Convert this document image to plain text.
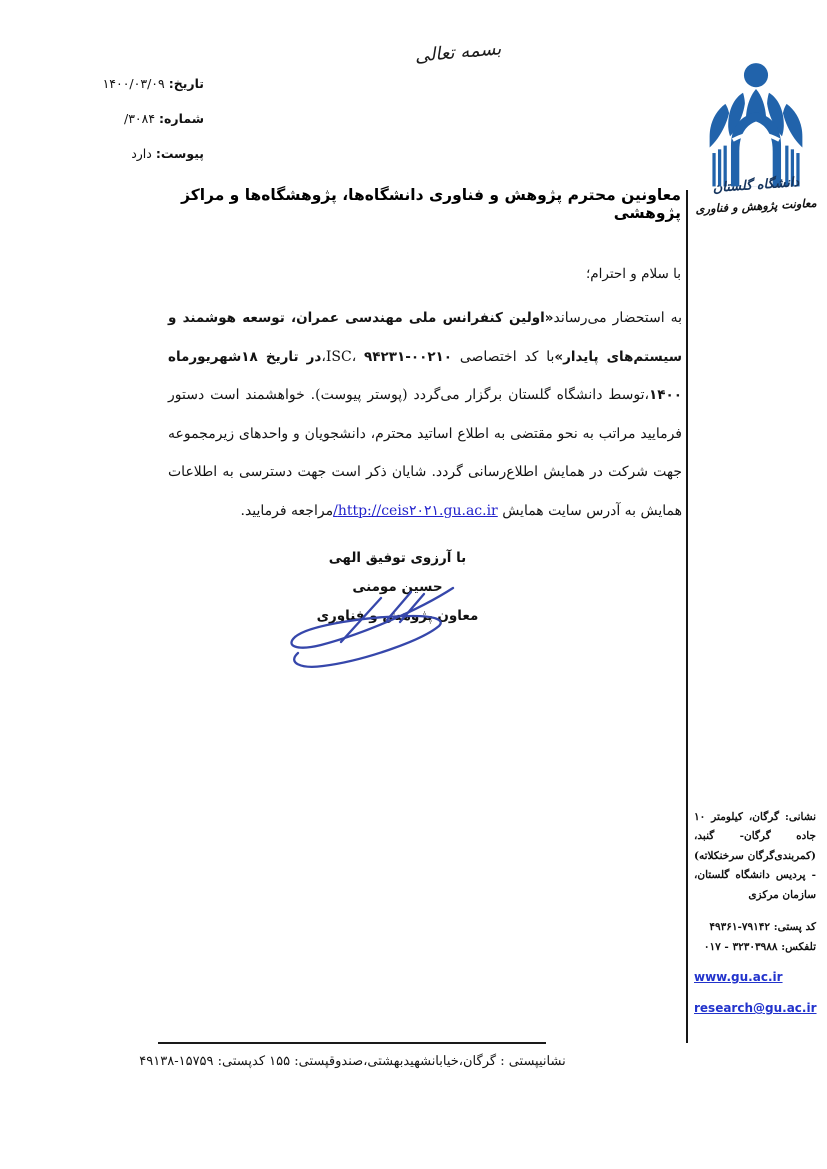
بسمه تعالی
تاریخ: ۱۴۰۰/۰۳/۰۹
شماره: ۳۰۸۴/
پیوست: دارد
دانشگاه گلستان
معاونت پژوهش و فناوری
معاونین محترم پژوهش و فناوری دانشگاه‌ها، پژوهشگاه‌ها و مراکز پژوهشی
با سلام و احترام؛

به استحضار می‌رساند«اولین کنفرانس ملی مهندسی عمران، توسعه هوشمند و سیستم‌های پایدار»با کد اختصاصی ISC، ۹۴۲۳۱-۰۰۲۱۰،در تاریخ ۱۸شهریورماه ۱۴۰۰،توسط دانشگاه گلستان برگزار می‌گردد (پوستر پیوست). خواهشمند است دستور فرمایید مراتب به نحو مقتضی به اطلاع اساتید محترم، دانشجویان و واحدهای زیرمجموعه جهت شرکت در همایش اطلاع‌رسانی گردد. شایان ذکر است جهت دسترسی به اطلاعات همایش به آدرس سایت همایش http://ceis۲۰۲۱.gu.ac.ir/مراجعه فرمایید.

با آرزوی توفیق الهی
حسین مومنی
معاون پژوهش و فناوری
نشانی: گرگان، کیلومتر ۱۰ جاده گرگان- گنبد، (کمربندی‌گرگان سرخنکلاته) - پردیس دانشگاه گلستان، سازمان مرکزی
کد پستی: ۷۹۱۴۲-۴۹۳۶۱
تلفکس: ۳۲۳۰۳۹۸۸ - ۰۱۷
www.gu.ac.ir
research@gu.ac.ir
نشانیپستی : گرگان،خیابانشهیدبهشتی،صندوقپستی: ۱۵۵ کدپستی: ۱۵۷۵۹-۴۹۱۳۸
